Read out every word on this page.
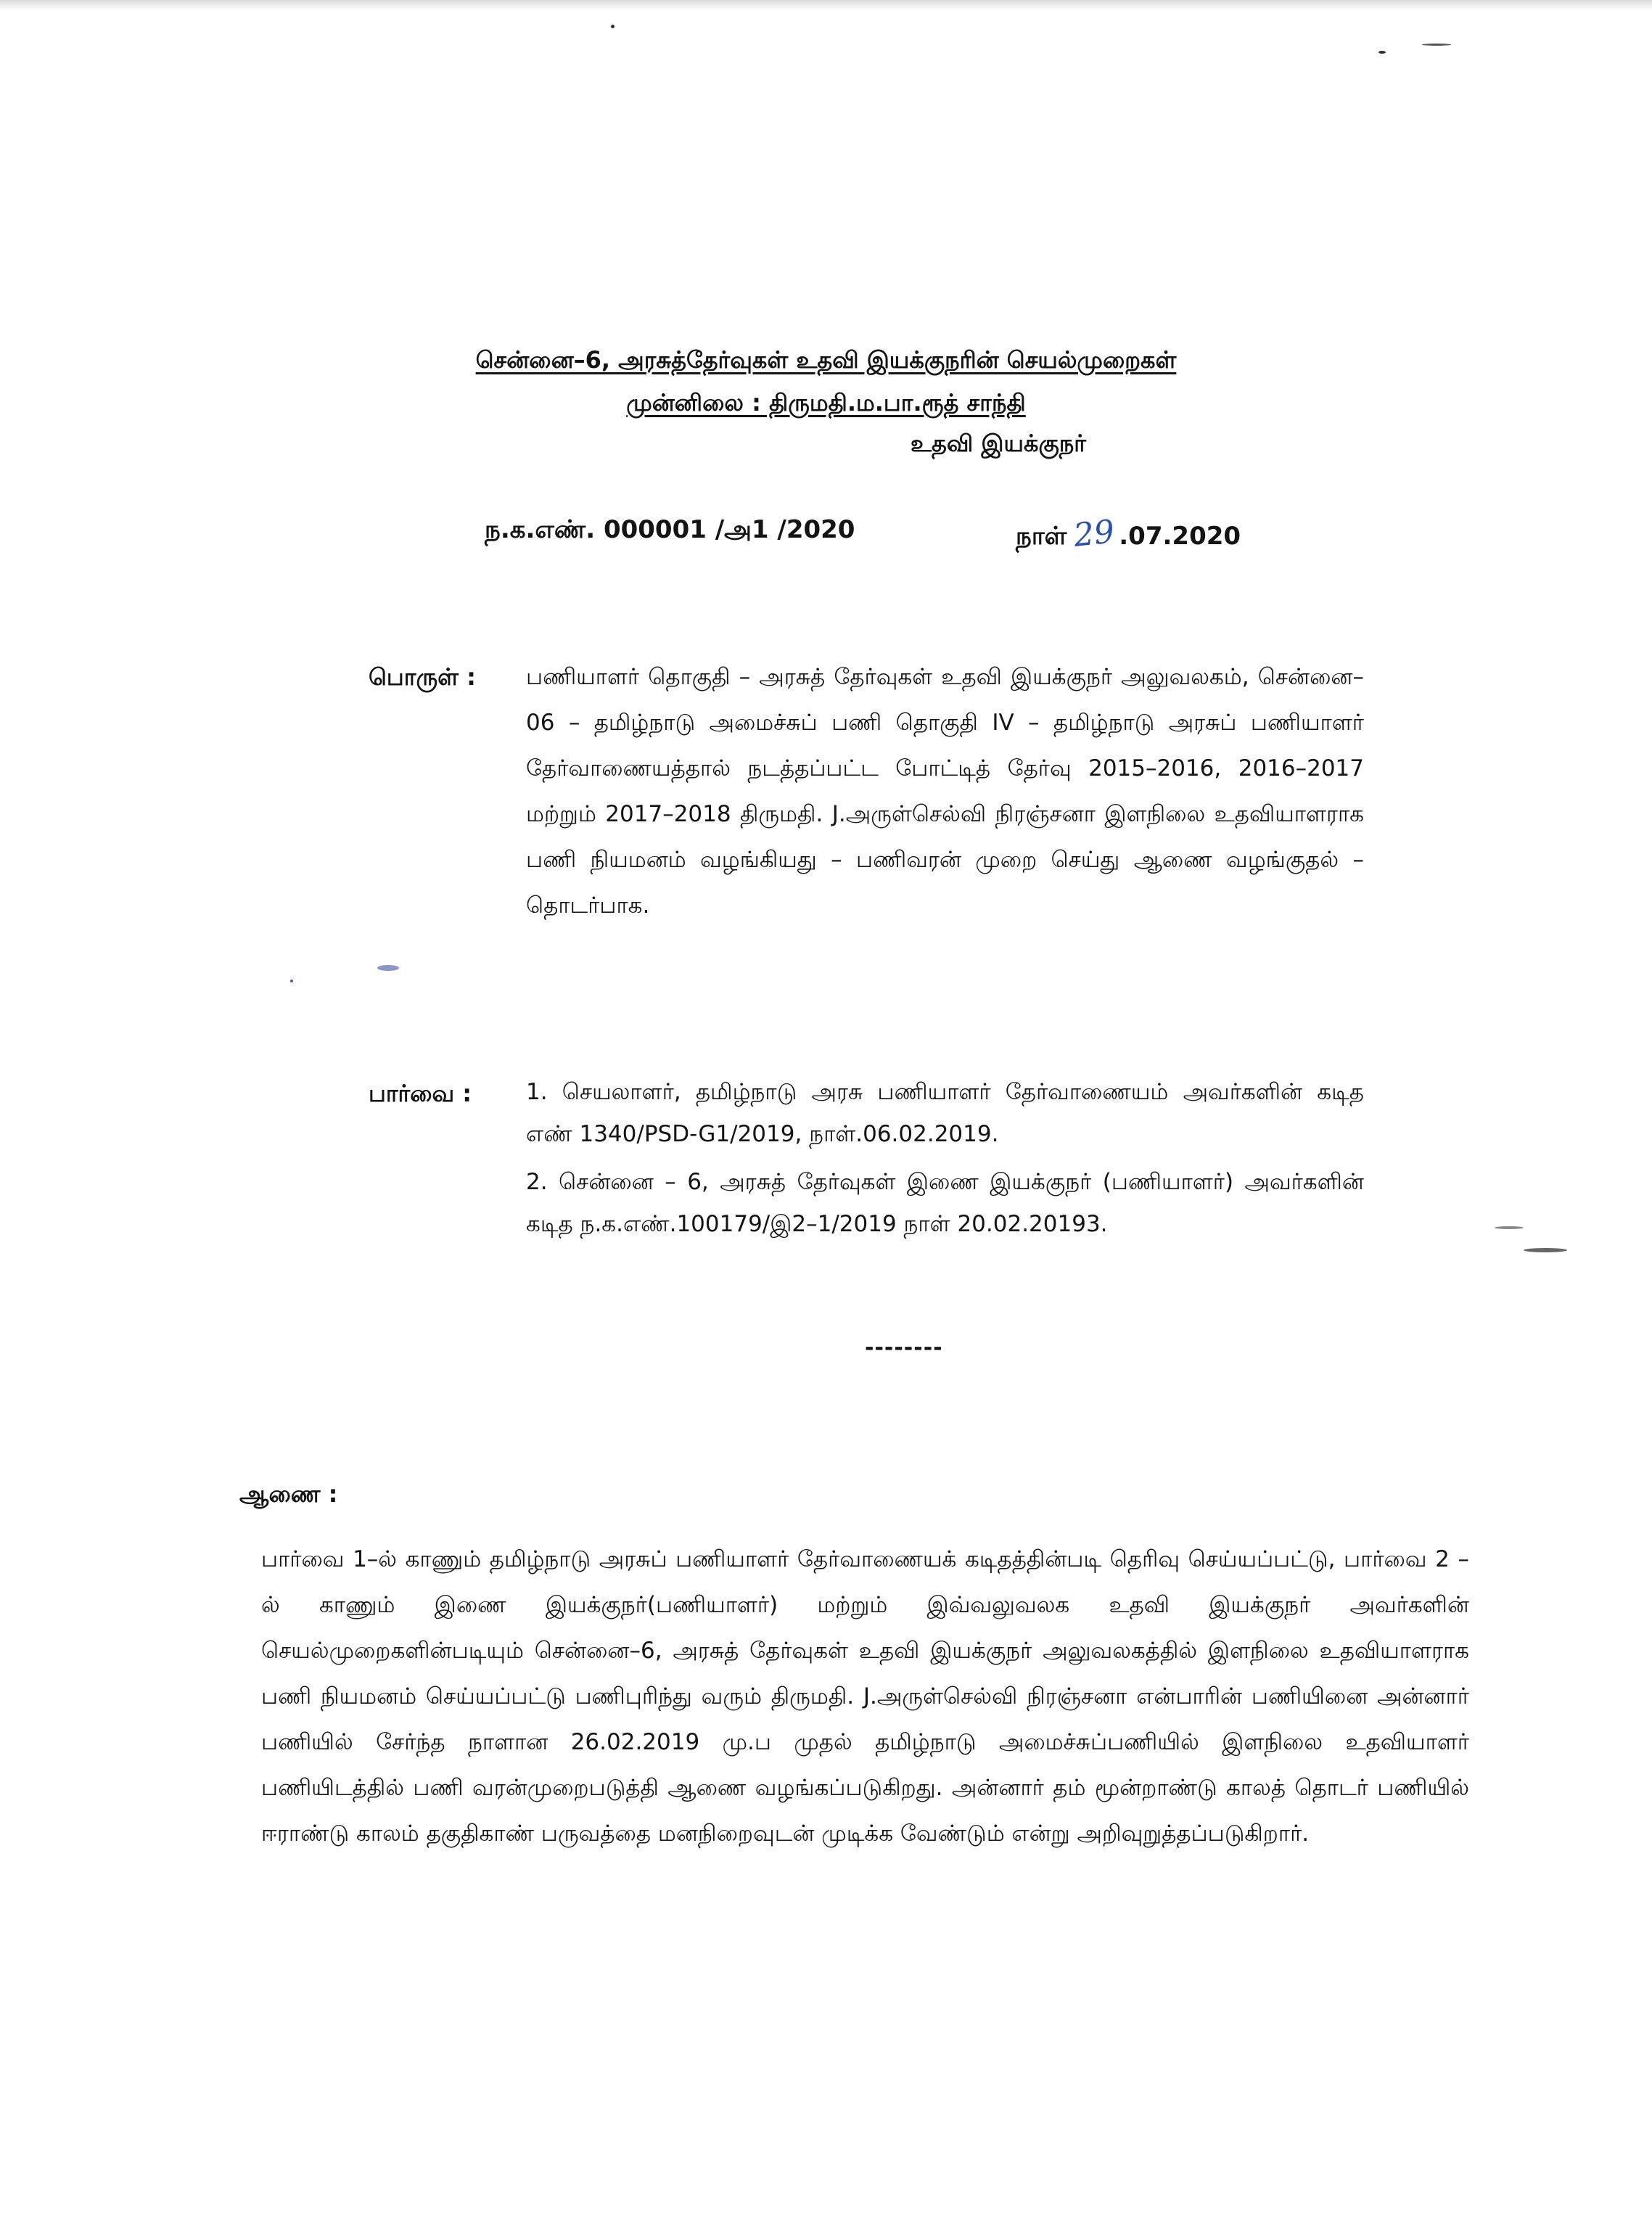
சென்னை–6, அரசுத்தேர்வுகள் உதவி இயக்குநரின் செயல்முறைகள்
முன்னிலை : திருமதி.ம.பா.ரூத் சாந்தி
உதவி இயக்குநர்
ந.க.எண். 000001 /அ1 /2020	நாள் 29 .07.2020
பொருள் : பணியாளர் தொகுதி – அரசுத் தேர்வுகள் உதவி இயக்குநர் அலுவலகம், சென்னை–06 – தமிழ்நாடு அமைச்சுப் பணி தொகுதி IV – தமிழ்நாடு அரசுப் பணியாளர் தேர்வாணையத்தால் நடத்தப்பட்ட போட்டித் தேர்வு 2015–2016, 2016–2017 மற்றும் 2017–2018 திருமதி. J.அருள்செல்வி நிரஞ்சனா இளநிலை உதவியாளராக பணி நியமனம் வழங்கியது – பணிவரன் முறை செய்து ஆணை வழங்குதல் – தொடர்பாக.

பார்வை : 1. செயலாளர், தமிழ்நாடு அரசு பணியாளர் தேர்வாணையம் அவர்களின் கடித எண் 1340/PSD-G1/2019, நாள்.06.02.2019.

2. சென்னை – 6, அரசுத் தேர்வுகள் இணை இயக்குநர் (பணியாளர்) அவர்களின் கடித ந.க.எண்.100179/இ2–1/2019 நாள் 20.02.20193.

--------
ஆணை :

பார்வை 1–ல் காணும் தமிழ்நாடு அரசுப் பணியாளர் தேர்வாணையக் கடிதத்தின்படி தெரிவு செய்யப்பட்டு, பார்வை 2 –ல் காணும் இணை இயக்குநர்(பணியாளர்) மற்றும் இவ்வலுவலக உதவி இயக்குநர் அவர்களின் செயல்முறைகளின்படியும் சென்னை–6, அரசுத் தேர்வுகள் உதவி இயக்குநர் அலுவலகத்தில் இளநிலை உதவியாளராக பணி நியமனம் செய்யப்பட்டு பணிபுரிந்து வரும் திருமதி. J.அருள்செல்வி நிரஞ்சனா என்பாரின் பணியினை அன்னார் பணியில் சேர்ந்த நாளான 26.02.2019 மு.ப முதல் தமிழ்நாடு அமைச்சுப்பணியில் இளநிலை உதவியாளர் பணியிடத்தில் பணி வரன்முறைபடுத்தி ஆணை வழங்கப்படுகிறது. அன்னார் தம் மூன்றாண்டு காலத் தொடர் பணியில் ஈராண்டு காலம் தகுதிகாண் பருவத்தை மனநிறைவுடன் முடிக்க வேண்டும் என்று அறிவுறுத்தப்படுகிறார்.
